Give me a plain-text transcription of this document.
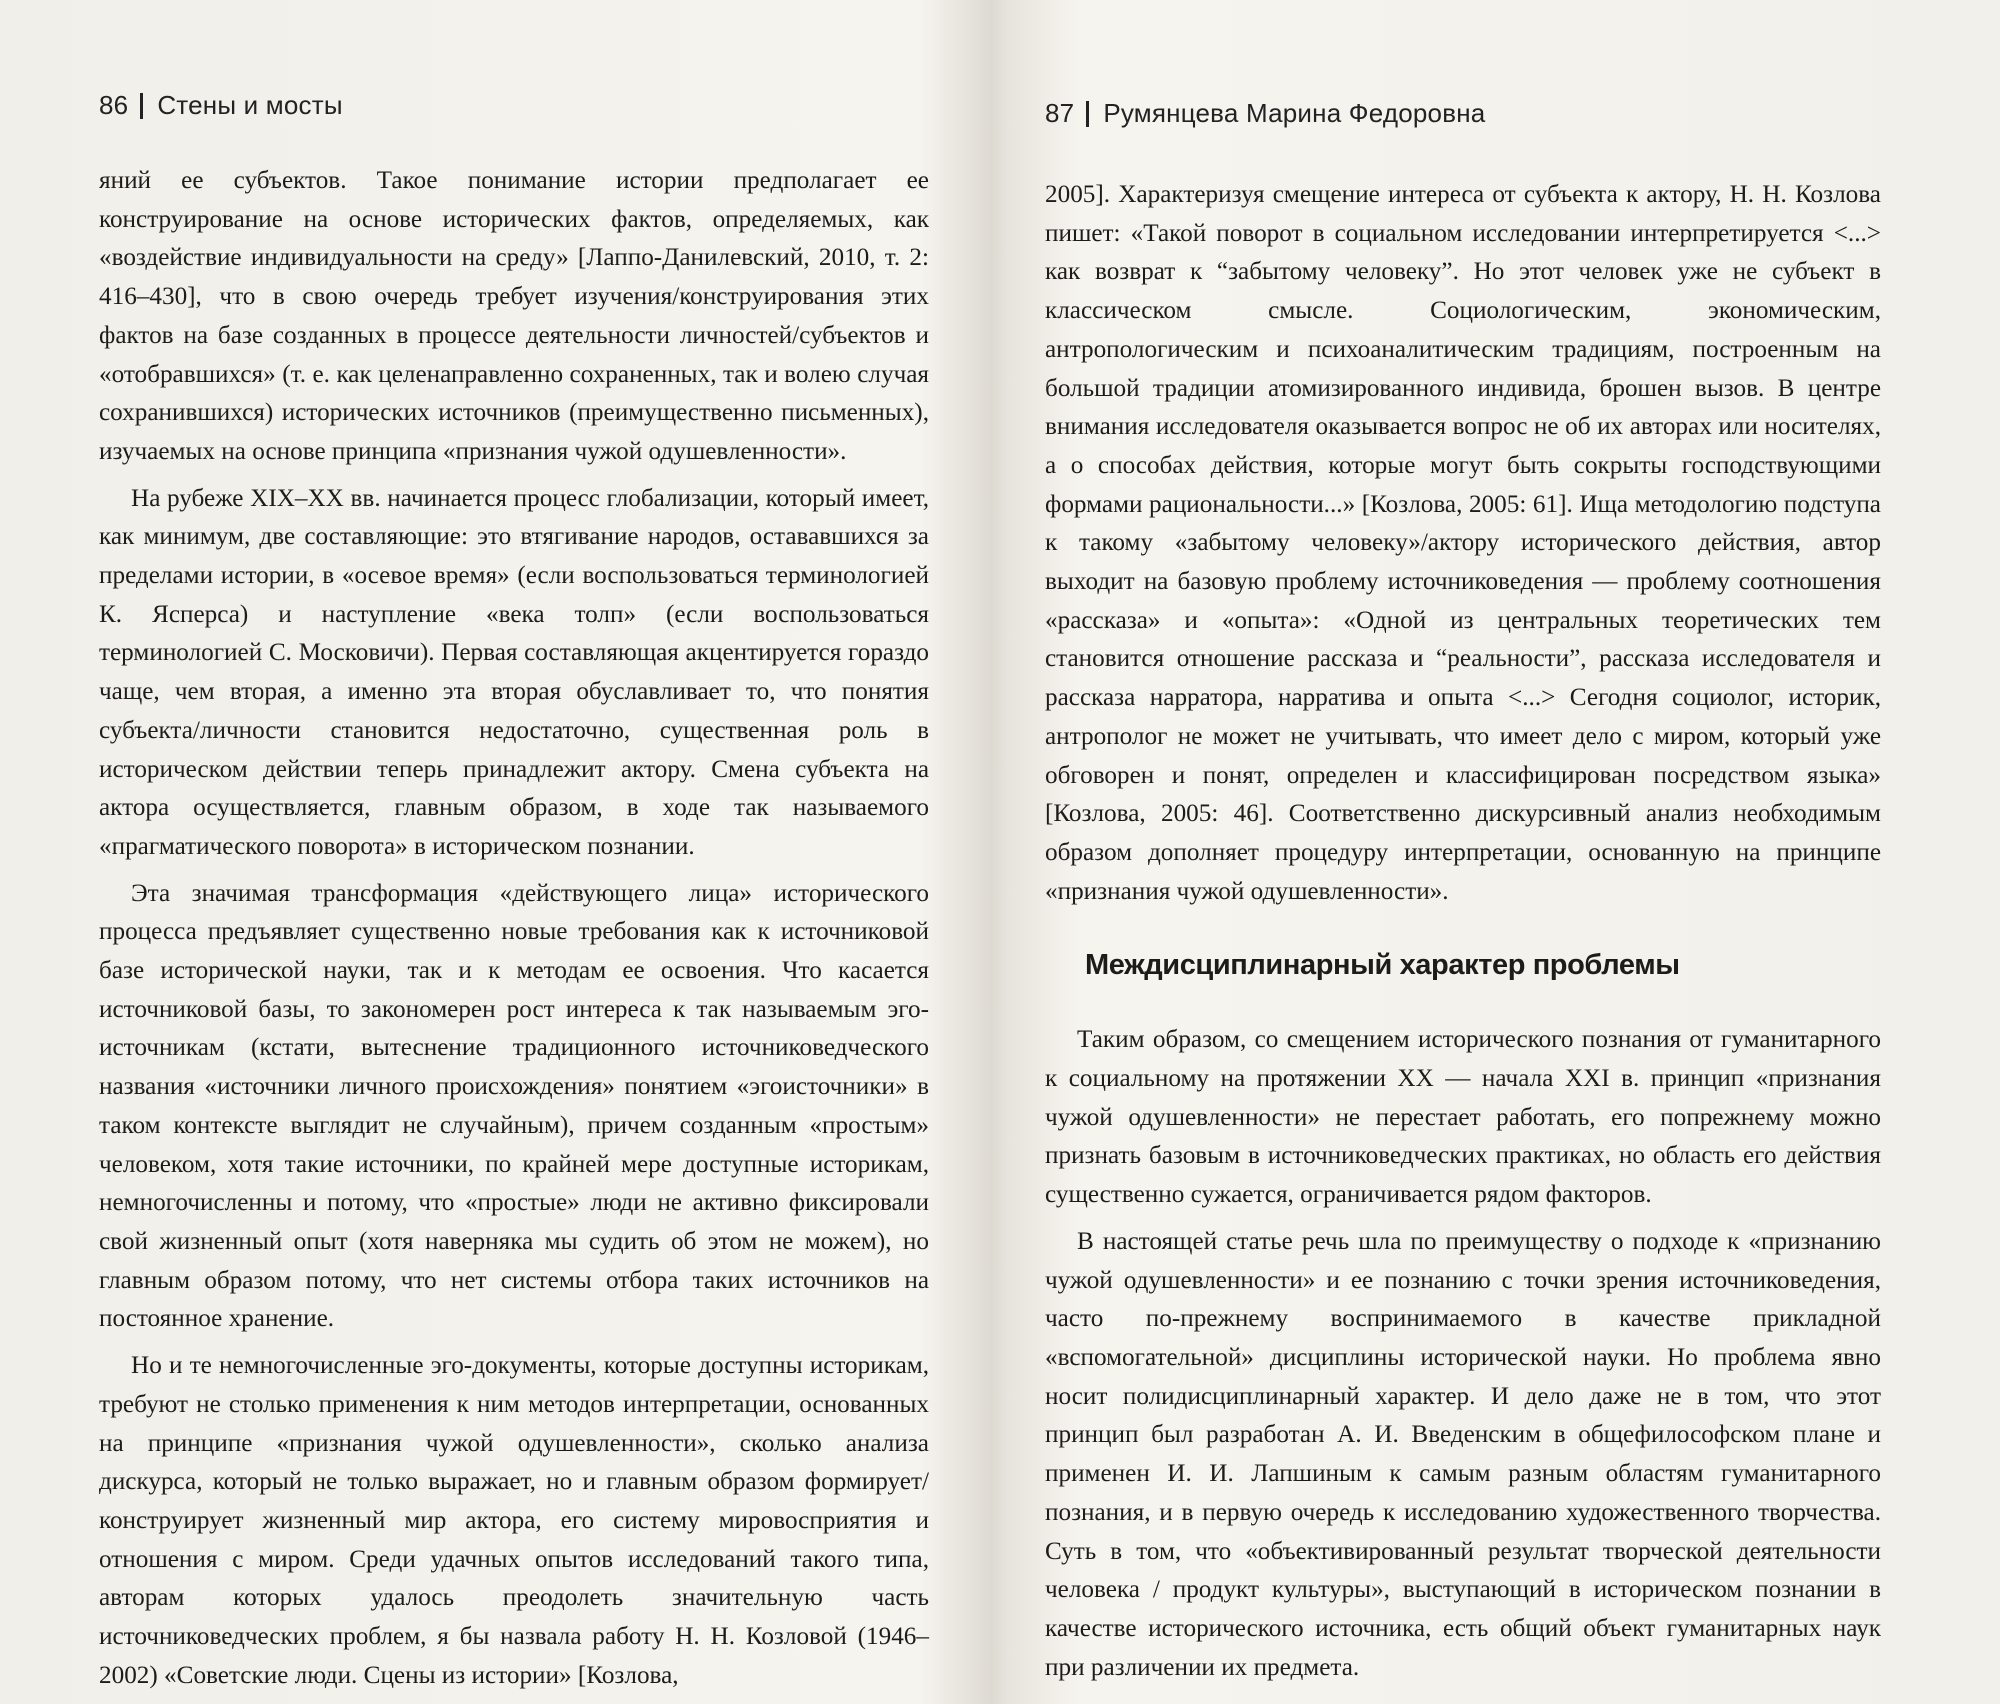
86 Стены и мосты

яний ее субъектов. Такое понимание истории предполагает ее конструирование на основе исторических фактов, определяемых, как «воздействие индивидуальности на среду» [Лаппо-Данилевский, 2010, т. 2: 416–430], что в свою очередь требует изучения/конструирования этих фактов на базе созданных в процессе деятельности личностей/субъектов и «отобравшихся» (т. е. как целенаправленно сохраненных, так и волею случая сохранившихся) исторических источников (преимущественно письменных), изучаемых на основе принципа «признания чужой одушевленности».

На рубеже XIX–XX вв. начинается процесс глобализации, который имеет, как минимум, две составляющие: это втягивание народов, остававшихся за пределами истории, в «осевое время» (если воспользоваться терминологией К. Ясперса) и наступление «века толп» (если воспользоваться терминологией С. Московичи). Первая составляющая акцентируется гораздо чаще, чем вторая, а именно эта вторая обуславливает то, что понятия субъекта/личности становится недостаточно, существенная роль в историческом действии теперь принадлежит актору. Смена субъекта на актора осуществляется, главным образом, в ходе так называемого «прагматического поворота» в историческом познании.

Эта значимая трансформация «действующего лица» исторического процесса предъявляет существенно новые требования как к источниковой базе исторической науки, так и к методам ее освоения. Что касается источниковой базы, то закономерен рост интереса к так называемым эго-источникам (кстати, вытеснение традиционного источниковедческого названия «источники личного происхождения» понятием «эгоисточники» в таком контексте выглядит не случайным), причем созданным «простым» человеком, хотя такие источники, по крайней мере доступные историкам, немногочисленны и потому, что «простые» люди не активно фиксировали свой жизненный опыт (хотя наверняка мы судить об этом не можем), но главным образом потому, что нет системы отбора таких источников на постоянное хранение.

Но и те немногочисленные эго-документы, которые доступны историкам, требуют не столько применения к ним методов интерпретации, основанных на принципе «признания чужой одушевленности», сколько анализа дискурса, который не только выражает, но и главным образом формирует/конструирует жизненный мир актора, его систему мировосприятия и отношения с миром. Среди удачных опытов исследований такого типа, авторам которых удалось преодолеть значительную часть источниковедческих проблем, я бы назвала работу Н. Н. Козловой (1946–2002) «Советские люди. Сцены из истории» [Козлова,

87 Румянцева Марина Федоровна

2005]. Характеризуя смещение интереса от субъекта к актору, Н. Н. Козлова пишет: «Такой поворот в социальном исследовании интерпретируется <...> как возврат к “забытому человеку”. Но этот человек уже не субъект в классическом смысле. Социологическим, экономическим, антропологическим и психоаналитическим традициям, построенным на большой традиции атомизированного индивида, брошен вызов. В центре внимания исследователя оказывается вопрос не об их авторах или носителях, а о способах действия, которые могут быть сокрыты господствующими формами рациональности...» [Козлова, 2005: 61]. Ища методологию подступа к такому «забытому человеку»/актору исторического действия, автор выходит на базовую проблему источниковедения — проблему соотношения «рассказа» и «опыта»: «Одной из центральных теоретических тем становится отношение рассказа и “реальности”, рассказа исследователя и рассказа нарратора, нарратива и опыта <...> Сегодня социолог, историк, антрополог не может не учитывать, что имеет дело с миром, который уже обговорен и понят, определен и классифицирован посредством языка» [Козлова, 2005: 46]. Соответственно дискурсивный анализ необходимым образом дополняет процедуру интерпретации, основанную на принципе «признания чужой одушевленности».

Междисциплинарный характер проблемы

Таким образом, со смещением исторического познания от гуманитарного к социальному на протяжении XX — начала XXI в. принцип «признания чужой одушевленности» не перестает работать, его попрежнему можно признать базовым в источниковедческих практиках, но область его действия существенно сужается, ограничивается рядом факторов.

В настоящей статье речь шла по преимуществу о подходе к «признанию чужой одушевленности» и ее познанию с точки зрения источниковедения, часто по-прежнему воспринимаемого в качестве прикладной «вспомогательной» дисциплины исторической науки. Но проблема явно носит полидисциплинарный характер. И дело даже не в том, что этот принцип был разработан А. И. Введенским в общефилософском плане и применен И. И. Лапшиным к самым разным областям гуманитарного познания, и в первую очередь к исследованию художественного творчества. Суть в том, что «объективированный результат творческой деятельности человека / продукт культуры», выступающий в историческом познании в качестве исторического источника, есть общий объект гуманитарных наук при различении их предмета.
